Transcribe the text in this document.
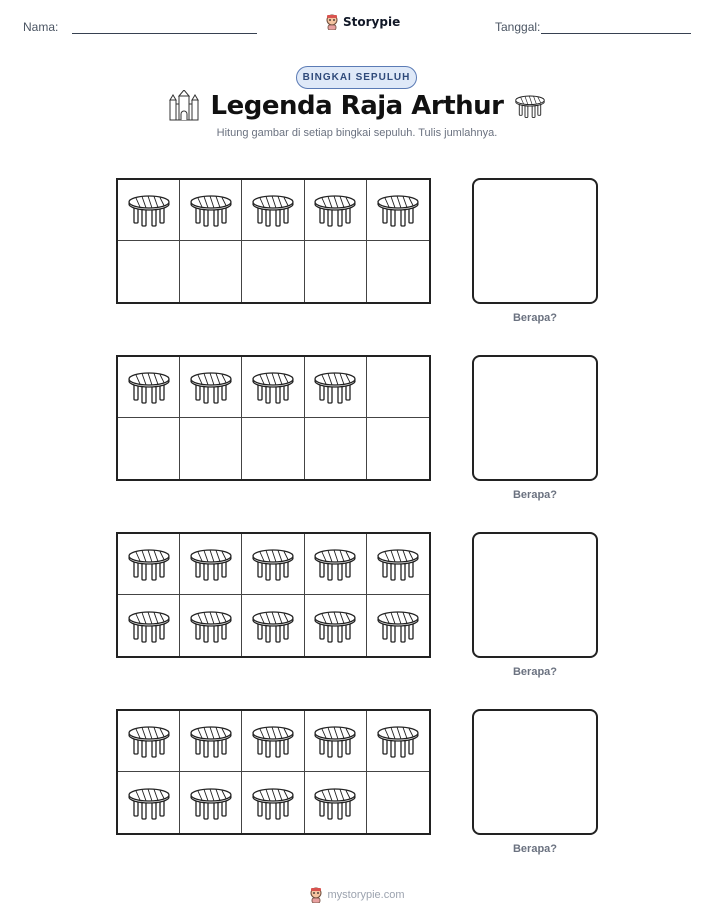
Nama:	Storypie	Tanggal:
BINGKAI SEPULUH
Legenda Raja Arthur
Hitung gambar di setiap bingkai sepuluh. Tulis jumlahnya.
Berapa?
Berapa?
Berapa?
Berapa?
mystorypie.com
